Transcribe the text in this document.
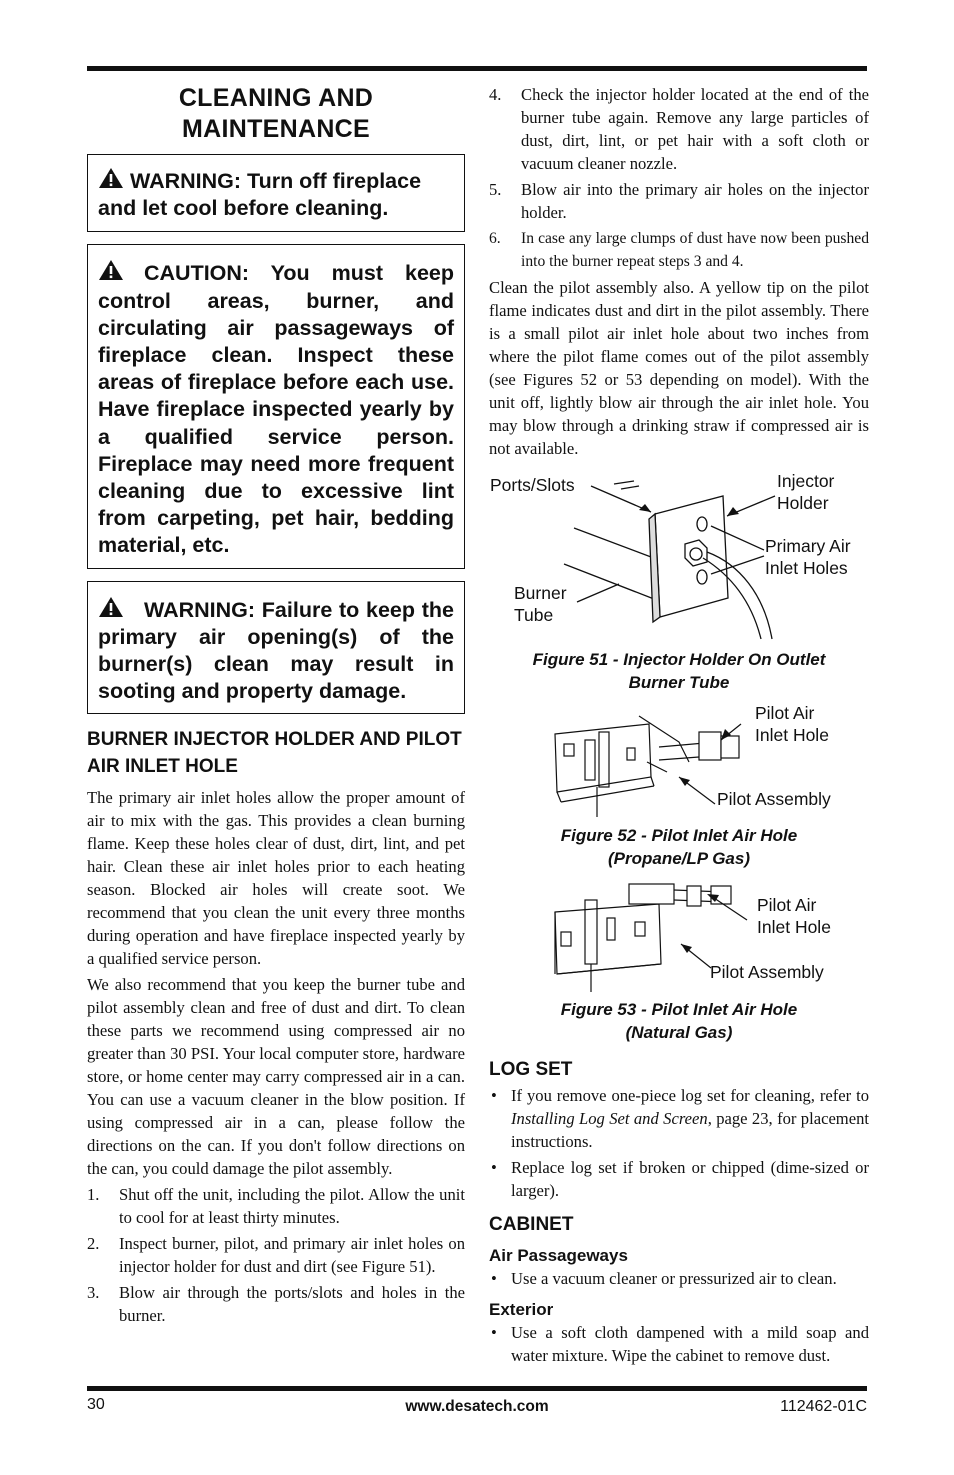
CLEANING AND
MAINTENANCE
WARNING: Turn off fireplace and let cool before cleaning.
CAUTION: You must keep control areas, burner, and circulating air passageways of fireplace clean. Inspect these areas of fireplace before each use. Have fireplace inspected yearly by a qualified service person. Fireplace may need more frequent cleaning due to excessive lint from carpeting, pet hair, bedding material, etc.
WARNING: Failure to keep the primary air opening(s) of the burner(s) clean may result in sooting and property damage.
BURNER INJECTOR HOLDER AND PILOT AIR INLET HOLE

The primary air inlet holes allow the proper amount of air to mix with the gas. This provides a clean burning flame. Keep these holes clear of dust, dirt, lint, and pet hair. Clean these air inlet holes prior to each heating season. Blocked air holes will create soot. We recommend that you clean the unit every three months during operation and have fireplace inspected yearly by a qualified service person.

We also recommend that you keep the burner tube and pilot assembly clean and free of dust and dirt. To clean these parts we recommend using compressed air no greater than 30 PSI. Your local computer store, hardware store, or home center may carry compressed air in a can. You can use a vacuum cleaner in the blow position. If using compressed air in a can, please follow the directions on the can. If you don't follow directions on the can, you could damage the pilot assembly.

1. Shut off the unit, including the pilot. Allow the unit to cool for at least thirty minutes.
2. Inspect burner, pilot, and primary air inlet holes on injector holder for dust and dirt (see Figure 51).
3. Blow air through the ports/slots and holes in the burner.
4. Check the injector holder located at the end of the burner tube again. Remove any large particles of dust, dirt, lint, or pet hair with a soft cloth or vacuum cleaner nozzle.
5. Blow air into the primary air holes on the injector holder.
6. In case any large clumps of dust have now been pushed into the burner repeat steps 3 and 4.

Clean the pilot assembly also. A yellow tip on the pilot flame indicates dust and dirt in the pilot assembly. There is a small pilot air inlet hole about two inches from where the pilot flame comes out of the pilot assembly (see Figures 52 or 53 depending on model). With the unit off, lightly blow air through the air inlet hole. You may blow through a drinking straw if compressed air is not available.

Ports/Slots	Injector
Holder
Primary Air
Inlet Holes
Burner
Tube
Figure 51 - Injector Holder On Outlet
Burner Tube
Pilot Air
Inlet Hole
Pilot Assembly
Figure 52 - Pilot Inlet Air Hole
(Propane/LP Gas)
Pilot Air
Inlet Hole
Pilot Assembly
Figure 53 - Pilot Inlet Air Hole
(Natural Gas)
LOG SET
• If you remove one-piece log set for cleaning, refer to Installing Log Set and Screen, page 23, for placement instructions.
• Replace log set if broken or chipped (dime-sized or larger).
CABINET
Air Passageways
• Use a vacuum cleaner or pressurized air to clean.
Exterior
• Use a soft cloth dampened with a mild soap and water mixture. Wipe the cabinet to remove dust.
30	www.desatech.com	112462-01C
